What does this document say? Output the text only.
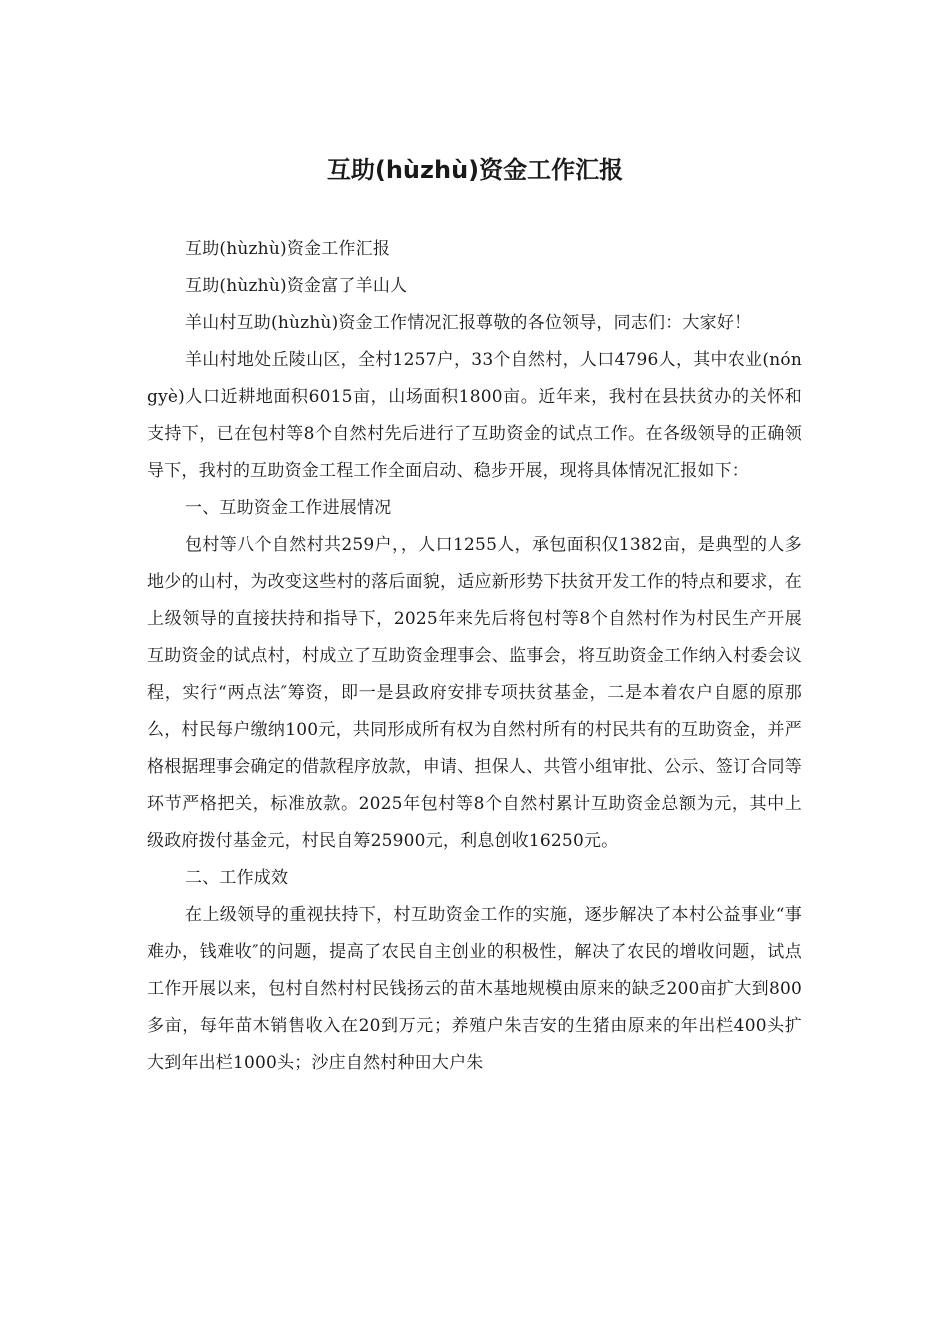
互助(hùzhù)资金工作汇报

互助(hùzhù)资金工作汇报

互助(hùzhù)资金富了羊山人

羊山村互助(hùzhù)资金工作情况汇报尊敬的各位领导，同志们：大家好！

羊山村地处丘陵山区，全村1257户，33个自然村，人口4796人，其中农业(nóngyè)人口近耕地面积6015亩，山场面积1800亩。近年来，我村在县扶贫办的关怀和支持下，已在包村等8个自然村先后进行了互助资金的试点工作。在各级领导的正确领导下，我村的互助资金工程工作全面启动、稳步开展，现将具体情况汇报如下：

一、互助资金工作进展情况

包村等八个自然村共259户，，人口1255人，承包面积仅1382亩，是典型的人多地少的山村，为改变这些村的落后面貌，适应新形势下扶贫开发工作的特点和要求，在上级领导的直接扶持和指导下，2025年来先后将包村等8个自然村作为村民生产开展互助资金的试点村，村成立了互助资金理事会、监事会，将互助资金工作纳入村委会议程，实行“两点法″筹资，即一是县政府安排专项扶贫基金，二是本着农户自愿的原那么，村民每户缴纳100元，共同形成所有权为自然村所有的村民共有的互助资金，并严格根据理事会确定的借款程序放款，申请、担保人、共管小组审批、公示、签订合同等环节严格把关，标准放款。2025年包村等8个自然村累计互助资金总额为元，其中上级政府拨付基金元，村民自筹25900元，利息创收16250元。

二、工作成效

在上级领导的重视扶持下，村互助资金工作的实施，逐步解决了本村公益事业“事难办，钱难收″的问题，提高了农民自主创业的积极性，解决了农民的增收问题，试点工作开展以来，包村自然村村民钱扬云的苗木基地规模由原来的缺乏200亩扩大到800多亩，每年苗木销售收入在20到万元；养殖户朱吉安的生猪由原来的年出栏400头扩大到年出栏1000头；沙庄自然村种田大户朱
